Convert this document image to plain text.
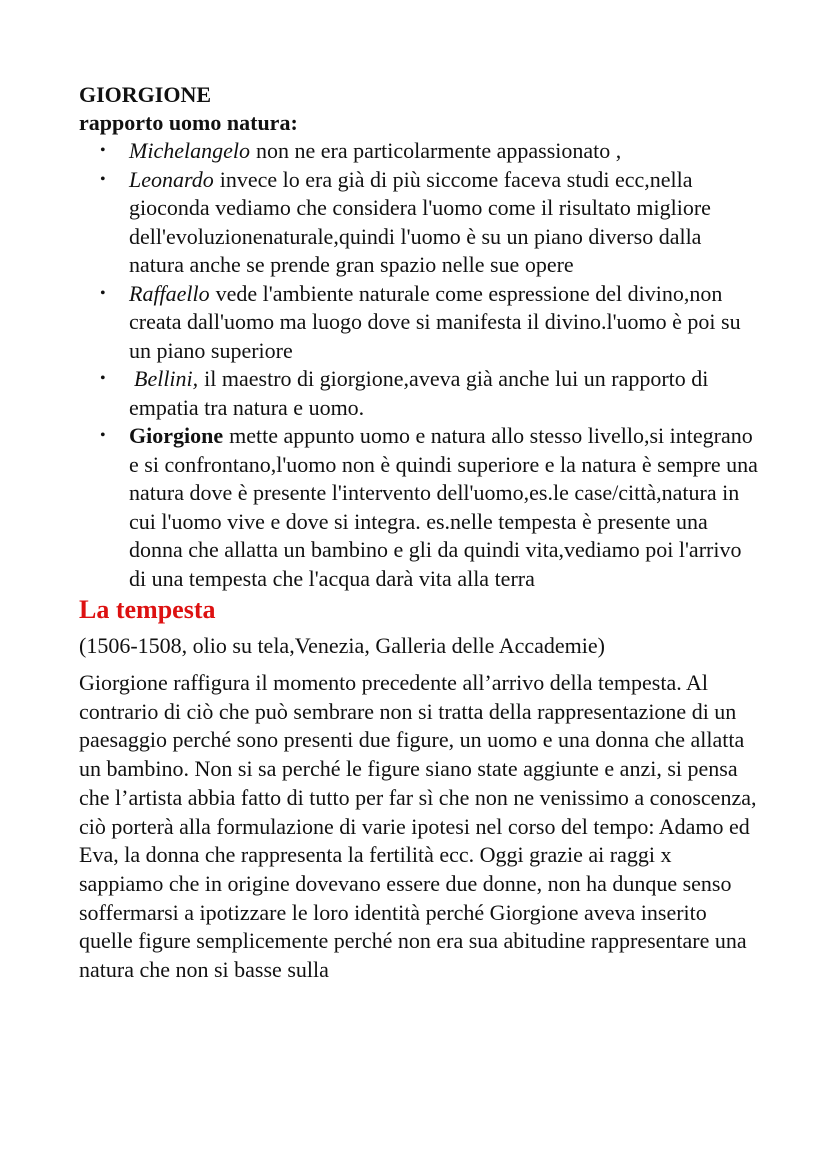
GIORGIONE
rapporto uomo natura:
• Michelangelo non ne era particolarmente appassionato ,
• Leonardo invece lo era già di più siccome faceva studi ecc,nella gioconda vediamo che considera l'uomo come il risultato migliore dell'evoluzionenaturale,quindi l'uomo è su un piano diverso dalla natura anche se prende gran spazio nelle sue opere
• Raffaello vede l'ambiente naturale come espressione del divino,non creata dall'uomo ma luogo dove si manifesta il divino.l'uomo è poi su un piano superiore
• Bellini, il maestro di giorgione,aveva già anche lui un rapporto di empatia tra natura e uomo.
• Giorgione mette appunto uomo e natura allo stesso livello,si integrano e si confrontano,l'uomo non è quindi superiore e la natura è sempre una natura dove è presente l'intervento dell'uomo,es.le case/città,natura in cui l'uomo vive e dove si integra. es.nelle tempesta è presente una donna che allatta un bambino e gli da quindi vita,vediamo poi l'arrivo di una tempesta che l'acqua darà vita alla terra
La tempesta

(1506-1508, olio su tela,Venezia, Galleria delle Accademie)

Giorgione raffigura il momento precedente all’arrivo della tempesta. Al contrario di ciò che può sembrare non si tratta della rappresentazione di un paesaggio perché sono presenti due figure, un uomo e una donna che allatta un bambino. Non si sa perché le figure siano state aggiunte e anzi, si pensa che l’artista abbia fatto di tutto per far sì che non ne venissimo a conoscenza, ciò porterà alla formulazione di varie ipotesi nel corso del tempo: Adamo ed Eva, la donna che rappresenta la fertilità ecc. Oggi grazie ai raggi x sappiamo che in origine dovevano essere due donne, non ha dunque senso soffermarsi a ipotizzare le loro identità perché Giorgione aveva inserito quelle figure semplicemente perché non era sua abitudine rappresentare una natura che non si basse sulla
